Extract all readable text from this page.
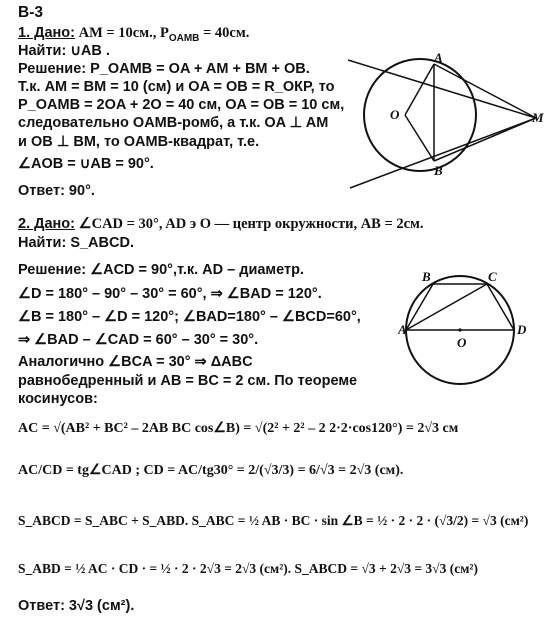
В-3
1. Дано: AM = 10см., $P_{OAMB} = 40см$.
Найти: ∪AB .
Решение: P_OAMB = OA + AM + BM + OB.
Т.к. AM = BM = 10 (см) и OA = OB = R_ОКР, то
P_OAMB = 2OA + 2O = 40 см, OA = OB = 10 см,
следовательно OAMB-ромб, а т.к. OA ⊥ AM
и OB ⊥ BM, то OAMB-квадрат, т.е.
∠AOB = ∪AB = 90°.
Ответ: 90°.
A
B
O	M
2. Дано: ∠CAD = 30°, AD э O — центр окружности, AB = 2см.
Найти: S_ABCD.
Решение: ∠ACD = 90°,т.к. AD – диаметр.
∠D = 180° – 90° – 30° = 60°, ⇒ ∠BAD = 120°.
∠B = 180° – ∠D = 120°; ∠BAD=180° – ∠BCD=60°,
⇒ ∠BAD – ∠CAD = 60° – 30° = 30°.
Аналогично ∠BCA = 30° ⇒ ΔABC
равнобедренный и AB = BC = 2 см. По теореме
косинусов:
A
B	C
D
O
AC = √(AB² + BC² – 2AB BC cos∠B) = √(2² + 2² – 2 2·2·cos120°) = 2√3 см
AC/CD = tg∠CAD ; CD = AC/tg30° = 2/(√3/3) = 6/√3 = 2√3 (см).
S_ABCD = S_ABC + S_ABD. S_ABC = ½ AB · BC · sin ∠B = ½ · 2 · 2 · (√3/2) = √3 (см²)
S_ABD = ½ AC · CD · = ½ · 2 · 2√3 = 2√3 (см²). S_ABCD = √3 + 2√3 = 3√3 (см²)
Ответ: 3√3 (см²).
